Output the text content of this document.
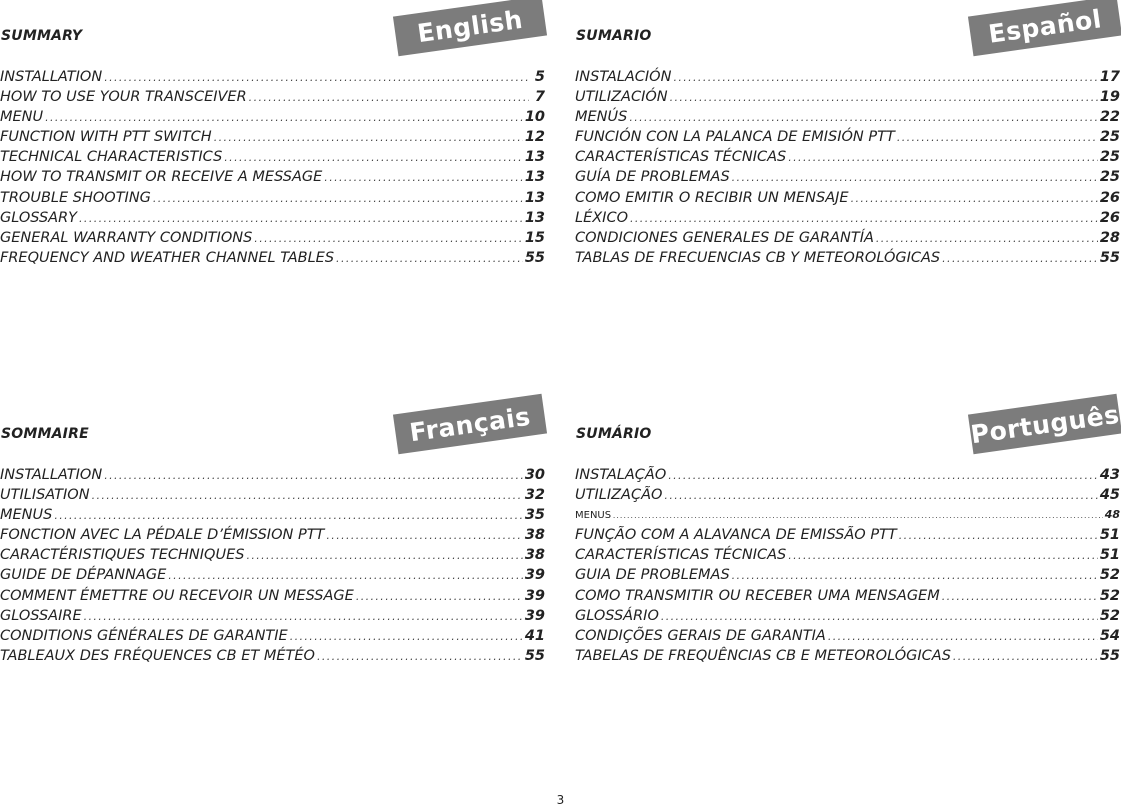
SUMMARY	English
INSTALLATION .....	5
HOW TO USE YOUR TRANSCEIVER .....	7
MENU .....	10
FUNCTION WITH PTT SWITCH .....	12
TECHNICAL CHARACTERISTICS .....	13
HOW TO TRANSMIT OR RECEIVE A MESSAGE .....	13
TROUBLE SHOOTING .....	13
GLOSSARY .....	13
GENERAL WARRANTY CONDITIONS .....	15
FREQUENCY AND WEATHER CHANNEL TABLES .....	55
SUMARIO	Español
INSTALACIÓN .....	17
UTILIZACIÓN .....	19
MENÚS .....	22
FUNCIÓN CON LA PALANCA DE EMISIÓN PTT .....	25
CARACTERÍSTICAS TÉCNICAS .....	25
GUÍA DE PROBLEMAS .....	25
COMO EMITIR O RECIBIR UN MENSAJE .....	26
LÉXICO .....	26
CONDICIONES GENERALES DE GARANTÍA .....	28
TABLAS DE FRECUENCIAS CB Y METEOROLÓGICAS .....	55
SOMMAIRE	Français
INSTALLATION .....	30
UTILISATION .....	32
MENUS .....	35
FONCTION AVEC LA PÉDALE D’ÉMISSION PTT .....	38
CARACTÉRISTIQUES TECHNIQUES .....	38
GUIDE DE DÉPANNAGE .....	39
COMMENT ÉMETTRE OU RECEVOIR UN MESSAGE .....	39
GLOSSAIRE .....	39
CONDITIONS GÉNÉRALES DE GARANTIE .....	41
TABLEAUX DES FRÉQUENCES CB ET MÉTÉO .....	55
SUMÁRIO	Português
INSTALAÇÃO .....	43
UTILIZAÇÃO .....	45
MENUS .....	48
FUNÇÃO COM A ALAVANCA DE EMISSÃO PTT .....	51
CARACTERÍSTICAS TÉCNICAS .....	51
GUIA DE PROBLEMAS .....	52
COMO TRANSMITIR OU RECEBER UMA MENSAGEM .....	52
GLOSSÁRIO .....	52
CONDIÇÕES GERAIS DE GARANTIA .....	54
TABELAS DE FREQUÊNCIAS CB E METEOROLÓGICAS .....	55
3
